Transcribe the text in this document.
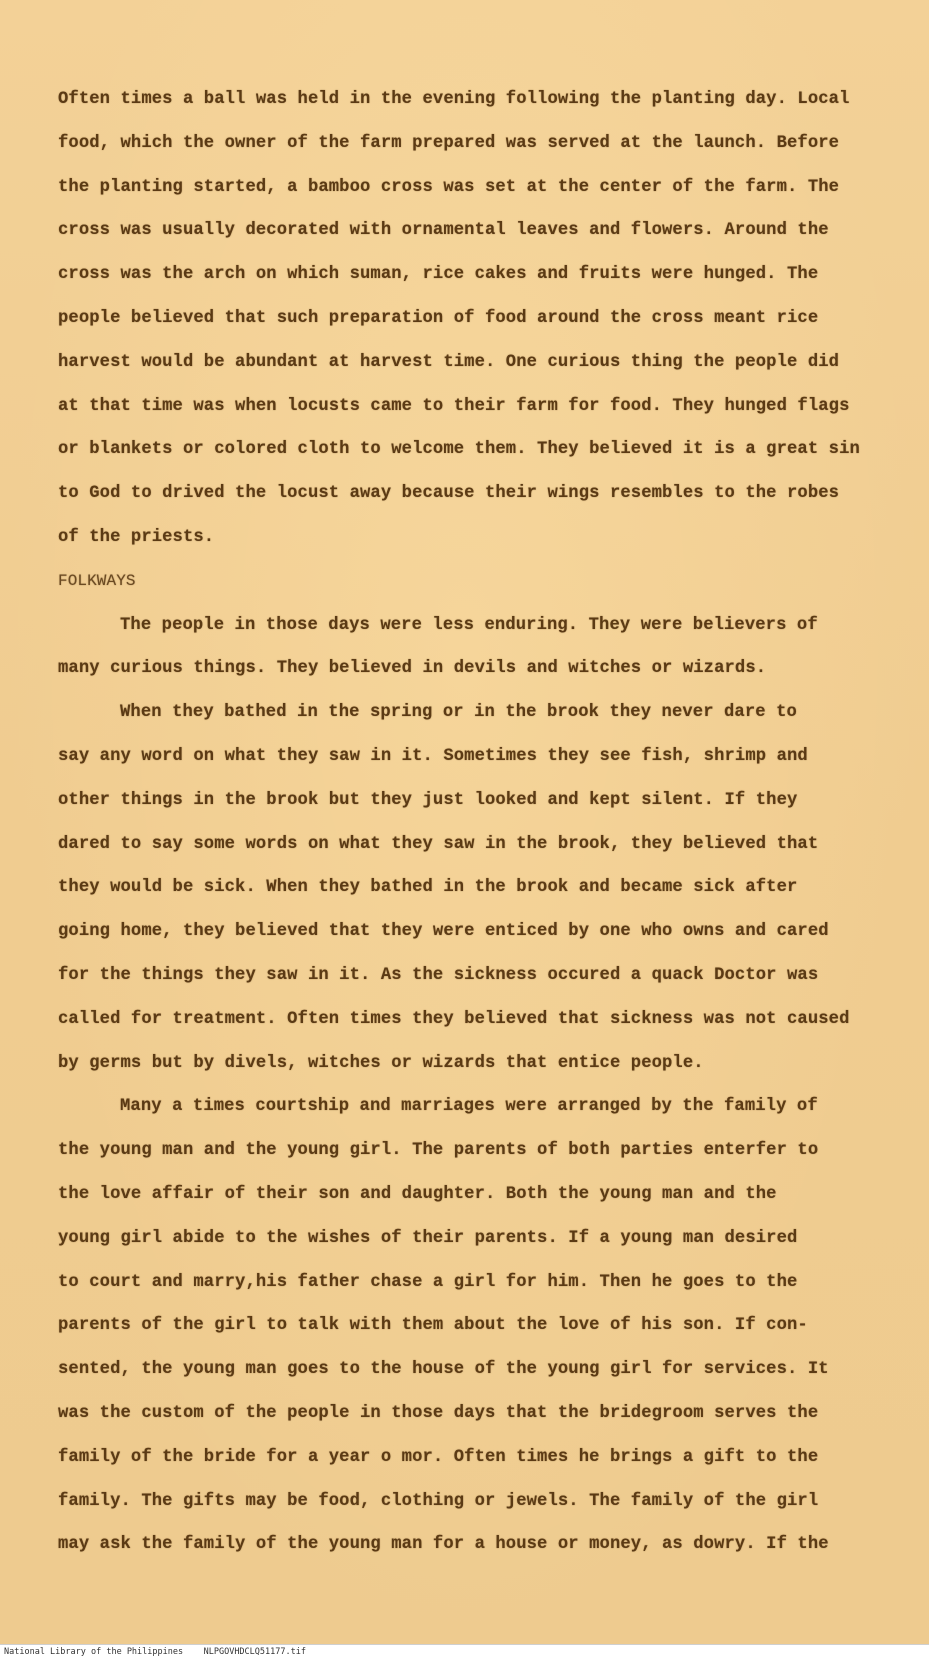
Often times a ball was held in the evening following the planting day. Local
food, which the owner of the farm prepared was served at the launch. Before
the planting started, a bamboo cross was set at the center of the farm. The
cross was usually decorated with ornamental leaves and flowers. Around the
cross was the arch on which suman, rice cakes and fruits were hunged. The
people believed that such preparation of food around the cross meant rice
harvest would be abundant at harvest time. One curious thing the people did
at that time was when locusts came to their farm for food. They hunged flags
or blankets or colored cloth to welcome them. They believed it is a great sin
to God to drived the locust away because their wings resembles to the robes
of the priests.
FOLKWAYS
The people in those days were less enduring. They were believers of
many curious things. They believed in devils and witches or wizards.
When they bathed in the spring or in the brook they never dare to
say any word on what they saw in it. Sometimes they see fish, shrimp and
other things in the brook but they just looked and kept silent. If they
dared to say some words on what they saw in the brook, they believed that
they would be sick. When they bathed in the brook and became sick after
going home, they believed that they were enticed by one who owns and cared
for the things they saw in it. As the sickness occured a quack Doctor was
called for treatment. Often times they believed that sickness was not caused
by germs but by divels, witches or wizards that entice people.
Many a times courtship and marriages were arranged by the family of
the young man and the young girl. The parents of both parties enterfer to
the love affair of their son and daughter. Both the young man and the
young girl abide to the wishes of their parents. If a young man desired
to court and marry,his father chase a girl for him. Then he goes to the
parents of the girl to talk with them about the love of his son. If con-
sented, the young man goes to the house of the young girl for services. It
was the custom of the people in those days that the bridegroom serves the
family of the bride for a year o mor. Often times he brings a gift to the
family. The gifts may be food, clothing or jewels. The family of the girl
may ask the family of the young man for a house or money, as dowry. If the
National Library of the Philippines NLPGOVHDCLQ51177.tif
